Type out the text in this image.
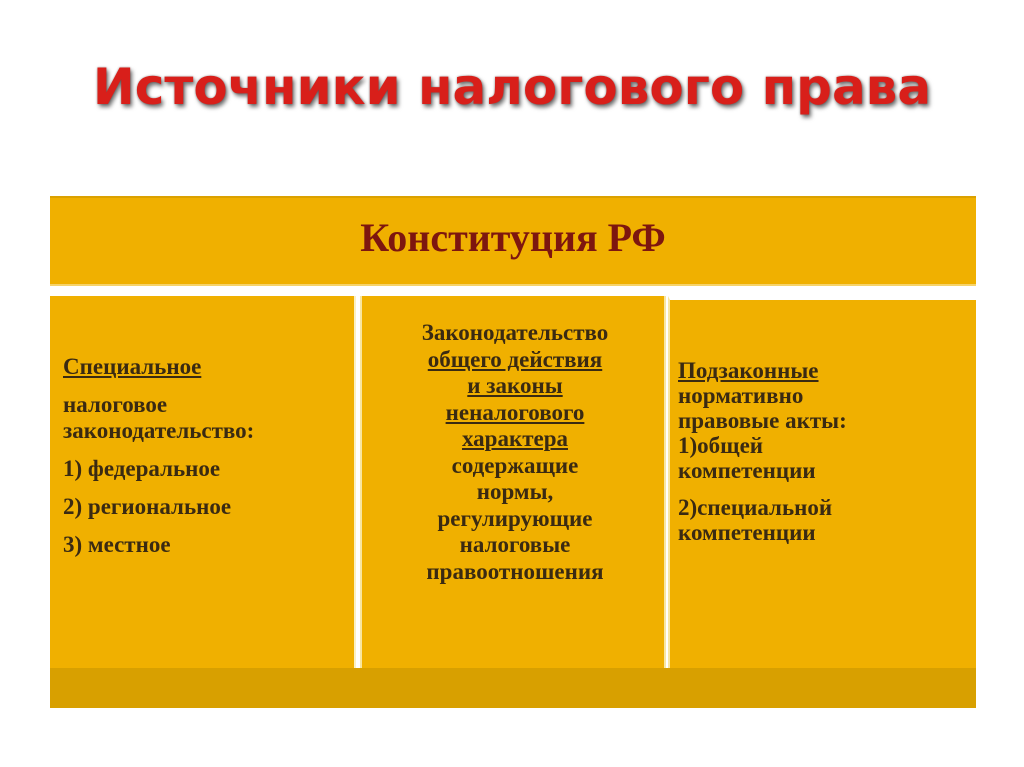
Источники налогового права
Конституция РФ
Специальное
налоговое
законодательство:
1) федеральное
2) региональное
3) местное
Законодательство
общего действия
и законы
неналогового
характера
содержащие
нормы,
регулирующие
налоговые
правоотношения
Подзаконные
нормативно
правовые акты:
1)общей
компетенции
2)специальной
компетенции
